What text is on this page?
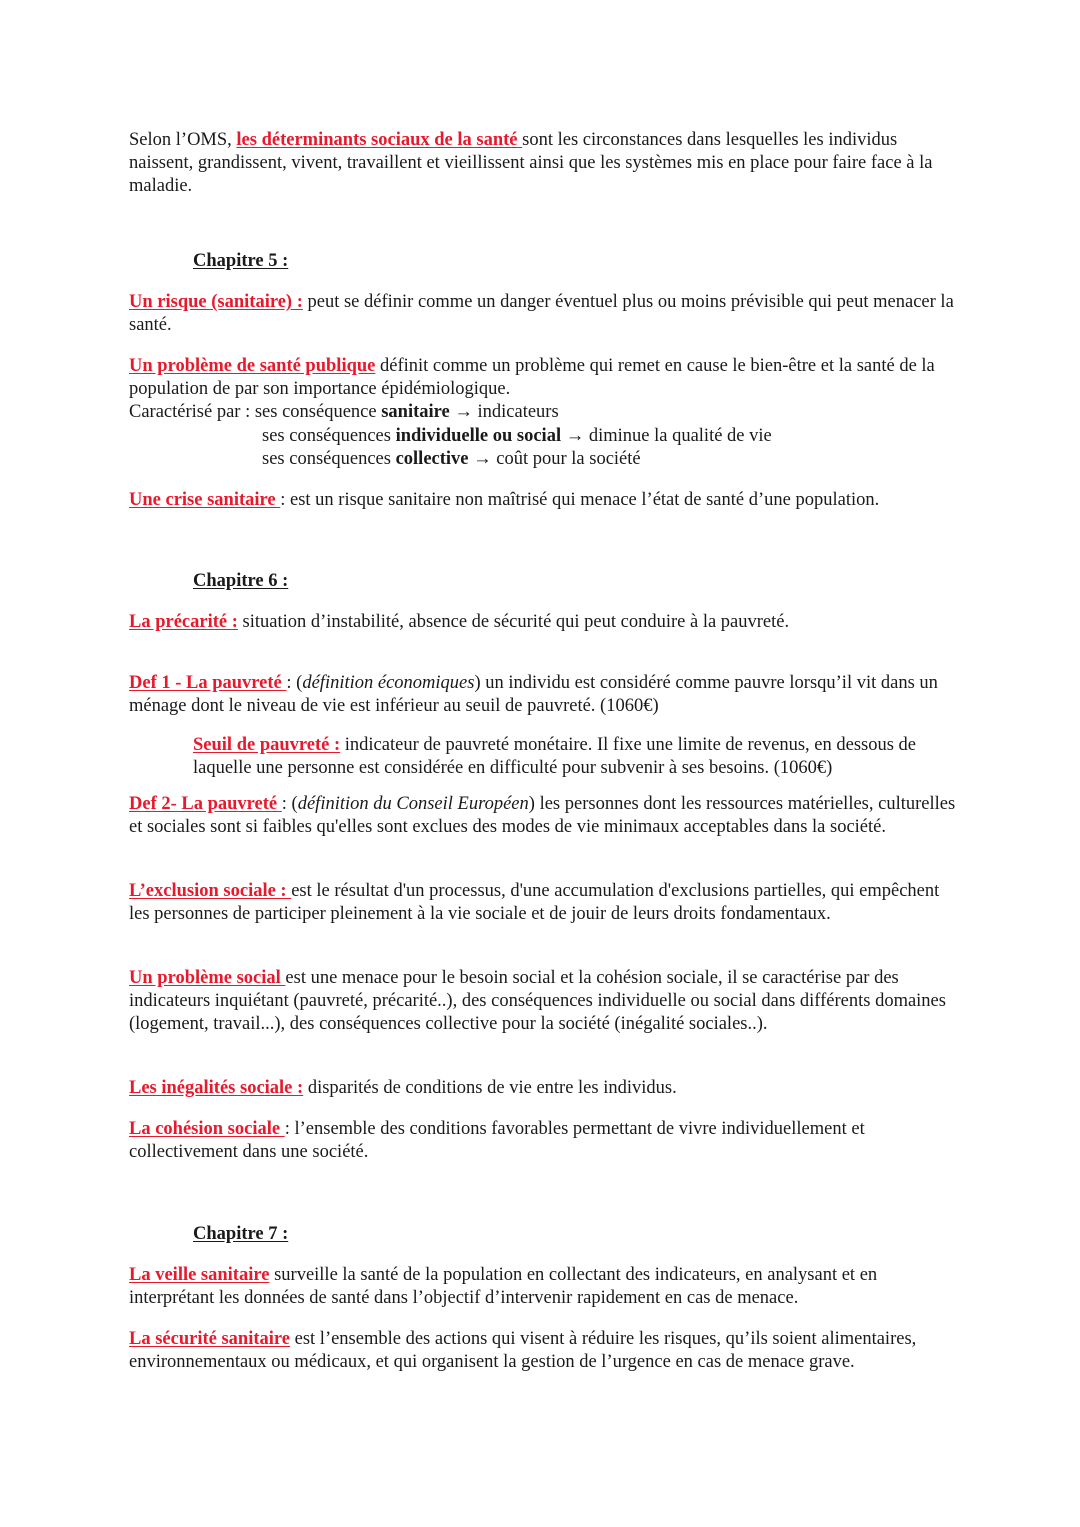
Selon l’OMS, les déterminants sociaux de la santé sont les circonstances dans lesquelles les individus naissent, grandissent, vivent, travaillent et vieillissent ainsi que les systèmes mis en place pour faire face à la maladie.

Chapitre 5 :

Un risque (sanitaire) : peut se définir comme un danger éventuel plus ou moins prévisible qui peut menacer la santé.

Un problème de santé publique définit comme un problème qui remet en cause le bien-être et la santé de la population de par son importance épidémiologique.
Caractérisé par : ses conséquence sanitaire → indicateurs
ses conséquences individuelle ou social → diminue la qualité de vie
ses conséquences collective → coût pour la société

Une crise sanitaire : est un risque sanitaire non maîtrisé qui menace l’état de santé d’une population.

Chapitre 6 :

La précarité : situation d’instabilité, absence de sécurité qui peut conduire à la pauvreté.

Def 1 - La pauvreté : (définition économiques) un individu est considéré comme pauvre lorsqu’il vit dans un ménage dont le niveau de vie est inférieur au seuil de pauvreté. (1060€)

Seuil de pauvreté : indicateur de pauvreté monétaire. Il fixe une limite de revenus, en dessous de laquelle une personne est considérée en difficulté pour subvenir à ses besoins. (1060€)

Def 2- La pauvreté : (définition du Conseil Européen) les personnes dont les ressources matérielles, culturelles et sociales sont si faibles qu'elles sont exclues des modes de vie minimaux acceptables dans la société.

L’exclusion sociale : est le résultat d'un processus, d'une accumulation d'exclusions partielles, qui empêchent les personnes de participer pleinement à la vie sociale et de jouir de leurs droits fondamentaux.

Un problème social est une menace pour le besoin social et la cohésion sociale, il se caractérise par des indicateurs inquiétant (pauvreté, précarité..), des conséquences individuelle ou social dans différents domaines (logement, travail...), des conséquences collective pour la société (inégalité sociales..).

Les inégalités sociale : disparités de conditions de vie entre les individus.

La cohésion sociale : l’ensemble des conditions favorables permettant de vivre individuellement et collectivement dans une société.

Chapitre 7 :

La veille sanitaire surveille la santé de la population en collectant des indicateurs, en analysant et en interprétant les données de santé dans l’objectif d’intervenir rapidement en cas de menace.

La sécurité sanitaire est l’ensemble des actions qui visent à réduire les risques, qu’ils soient alimentaires, environnementaux ou médicaux, et qui organisent la gestion de l’urgence en cas de menace grave.
